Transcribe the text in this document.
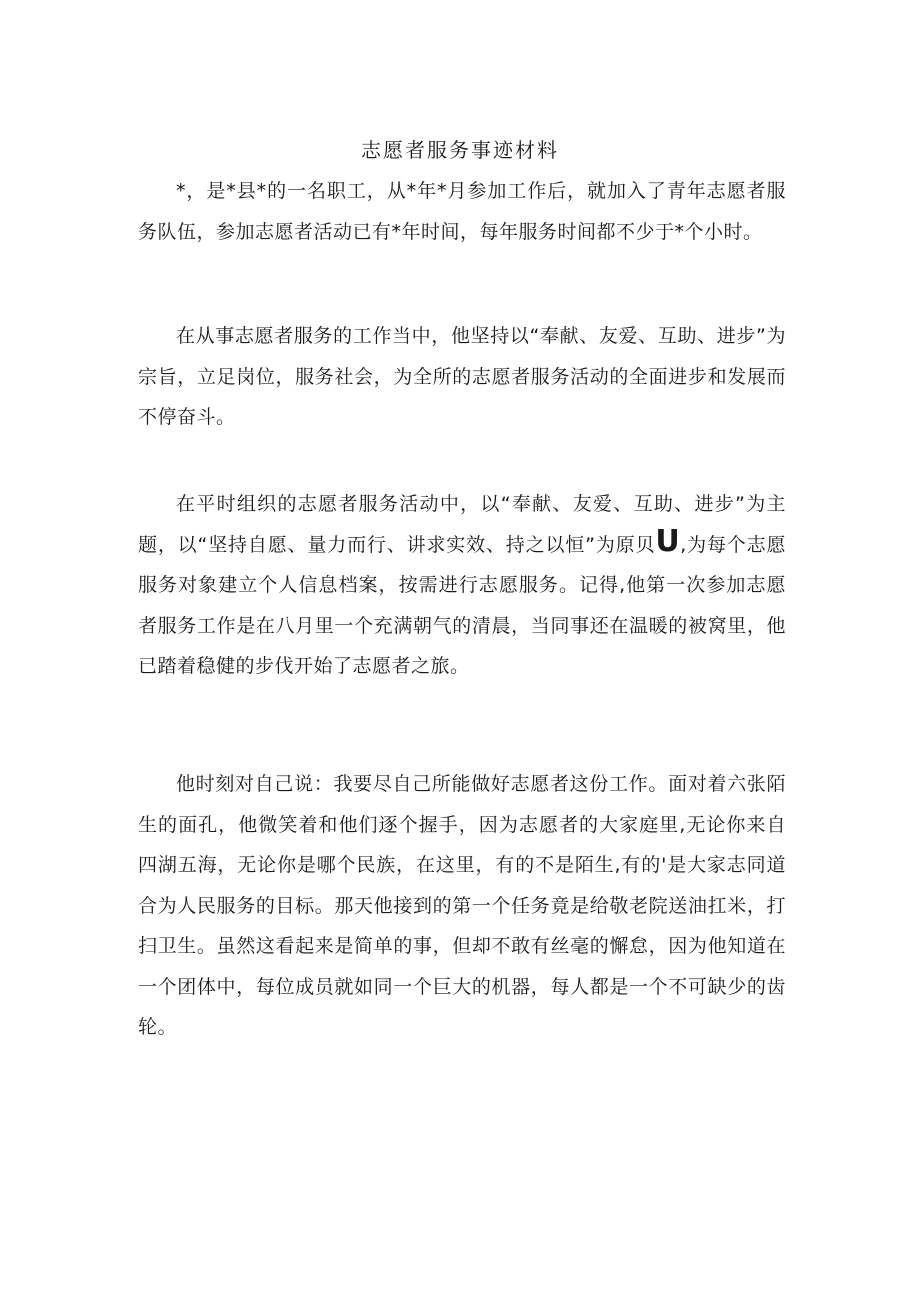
志愿者服务事迹材料

*，是*县*的一名职工，从*年*月参加工作后，就加入了青年志愿者服务队伍，参加志愿者活动已有*年时间，每年服务时间都不少于*个小时。

在从事志愿者服务的工作当中，他坚持以“奉献、友爱、互助、进步”为宗旨，立足岗位，服务社会，为全所的志愿者服务活动的全面进步和发展而不停奋斗。

在平时组织的志愿者服务活动中，以“奉献、友爱、互助、进步”为主题，以“坚持自愿、量力而行、讲求实效、持之以恒”为原贝U,为每个志愿服务对象建立个人信息档案，按需进行志愿服务。记得,他第一次参加志愿者服务工作是在八月里一个充满朝气的清晨，当同事还在温暖的被窝里，他已踏着稳健的步伐开始了志愿者之旅。

他时刻对自己说：我要尽自己所能做好志愿者这份工作。面对着六张陌生的面孔，他微笑着和他们逐个握手，因为志愿者的大家庭里,无论你来自四湖五海，无论你是哪个民族，在这里，有的不是陌生,有的'是大家志同道合为人民服务的目标。那天他接到的第一个任务竟是给敬老院送油扛米，打扫卫生。虽然这看起来是简单的事，但却不敢有丝毫的懈怠，因为他知道在一个团体中，每位成员就如同一个巨大的机器，每人都是一个不可缺少的齿轮。
